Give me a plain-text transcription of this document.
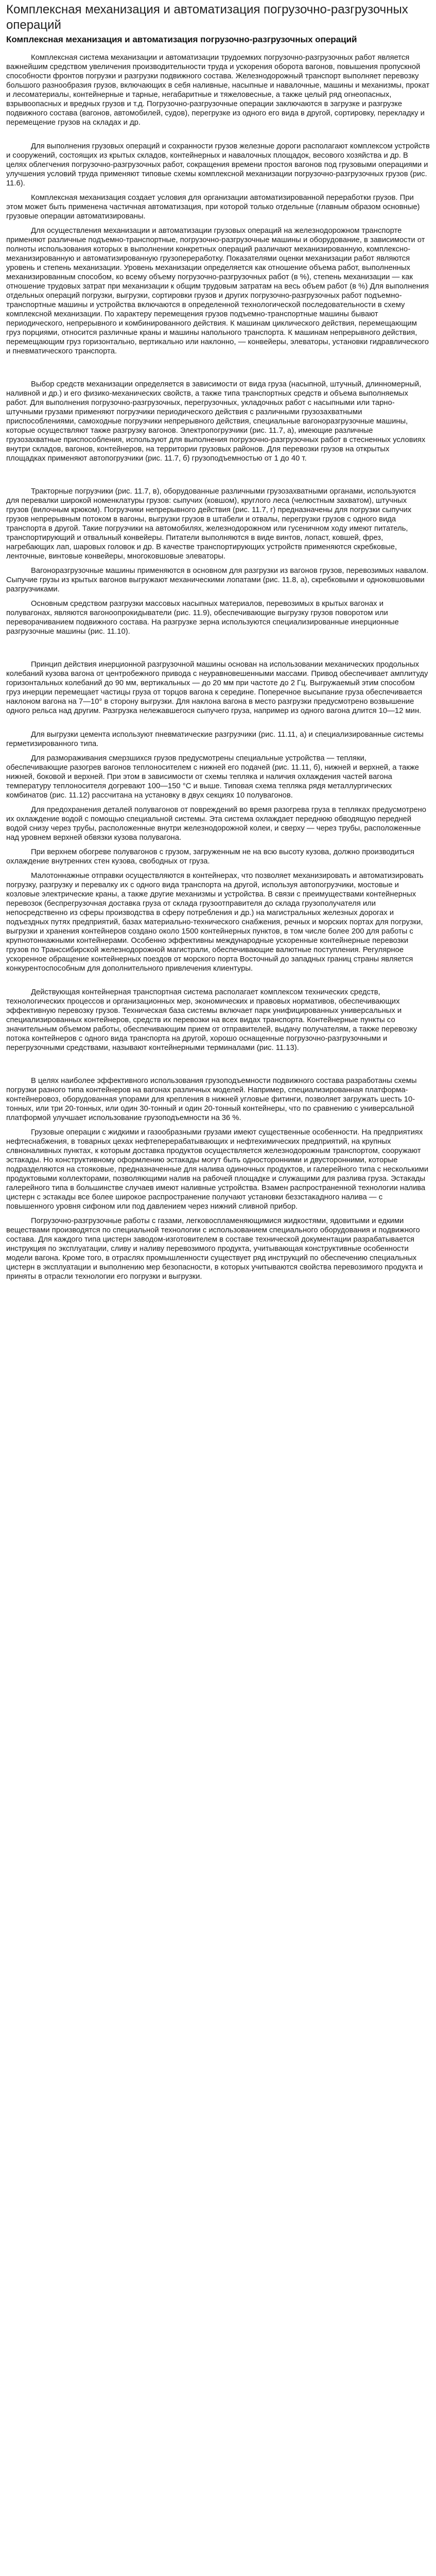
Комплексная механизация и автоматизация погрузочно-разгрузочных операций
Комплексная механизация и автоматизация погрузочно-разгрузочных операций

Комплексная система механизации и автоматизации трудоемких погрузочно-разгрузочных работ является важнейшим средством увеличения производительности труда и ускорения оборота вагонов, повышения пропускной способности фронтов погрузки и разгрузки подвижного состава. Железнодорожный транспорт выполняет перевозку большого разнообразия грузов, включающих в себя наливные, насыпные и навалочные, машины и механизмы, прокат и лесоматериалы, контейнерные и тарные, негабаритные и тяжеловесные, а также целый ряд огнеопасных, взрывоопасных и вредных грузов и т.д. Погрузочно-разгрузочные операции заключаются в загрузке и разгрузке подвижного состава (вагонов, автомобилей, судов), перегрузке из одного его вида в другой, сортировку, перекладку и перемещение грузов на складах и др.

Для выполнения грузовых операций и сохранности грузов железные дороги располагают комплексом устройств и сооружений, состоящих из крытых складов, контейнерных и навалочных площадок, весового хозяйства и др. В целях облегчения погрузочно-разгрузочных работ, сокращения времени простоя вагонов под грузовыми операциями и улучшения условий труда применяют типовые схемы комплексной механизации погрузочно-разгрузочных грузов (рис. 11.6).

Комплексная механизация создает условия для организации автоматизированной переработки грузов. При этом может быть применена частичная автоматизация, при которой только отдельные (главным образом основные) грузовые операции автоматизированы.

Для осуществления механизации и автоматизации грузовых операций на железнодорожном транспорте применяют различные подъемно-транспортные, погрузочно-разгрузочные машины и оборудование, в зависимости от полноты использования которых в выполнении конкретных операций различают механизированную, комплексно-механизированную и автоматизированную грузопереработку. Показателями оценки механизации работ являются уровень и степень механизации. Уровень механизации определяется как отношение объема работ, выполненных механизированным способом, ко всему объему погрузочно-разгрузочных работ (в %), степень механизации — как отношение трудовых затрат при механизации к общим трудовым затратам на весь объем работ (в %) Для выполнения отдельных операций погрузки, выгрузки, сортировки грузов и других погрузочно-разгрузочных работ подъемно-транспортные машины и устройства включаются в определенной технологической последовательности в схему комплексной механизации. По характеру перемещения грузов подъемно-транспортные машины бывают периодического, непрерывного и комбинированного действия. К машинам циклического действия, перемещающим груз порциями, относится различные краны и машины напольного транспорта. К машинам непрерывного действия, перемещающим груз горизонтально, вертикально или наклонно, — конвейеры, элеваторы, установки гидравлического и пневматического транспорта.

Выбор средств механизации определяется в зависимости от вида груза (насыпной, штучный, длинномерный, наливной и др.) и его физико-механических свойств, а также типа транспортных средств и объема выполняемых работ. Для выполнения погрузочно-разгрузочных, перегрузочных, укладочных работ с насыпными или тарно-штучными грузами применяют погрузчики периодического действия с различными грузозахватными приспособлениями, самоходные погрузчики непрерывного действия, специальные вагоноразгрузочные машины, которые осуществляют также разгрузку вагонов. Электропогрузчики (рис. 11.7, а), имеющие различные грузозахватные приспособления, используют для выполнения погрузочно-разгрузочных работ в стесненных условиях внутри складов, вагонов, контейнеров, на территории грузовых районов. Для перевозки грузов на открытых площадках применяют автопогрузчики (рис. 11.7, б) грузоподъемностью от 1 до 40 т.

Тракторные погрузчики (рис. 11.7, в), оборудованные различными грузозахватными органами, используются для перевалки широкой номенклатуры грузов: сыпучих (ковшом), круглого леса (челюстным захватом), штучных грузов (вилочным крюком). Погрузчики непрерывного действия (рис. 11.7, г) предназначены для погрузки сыпучих грузов непрерывным потоком в вагоны, выгрузки грузов в штабели и отвалы, перегрузки грузов с одного вида транспорта в другой. Такие погрузчики на автомобилях, железнодорожном или гусеничном ходу имеют питатель, транспортирующий и отвальный конвейеры. Питатели выполняются в виде винтов, лопаст, ковшей, фрез, нагребающих лап, шаровых головок и др. В качестве транспортирующих устройств применяются скребковые, ленточные, винтовые конвейеры, многоковшовые элеваторы.

Вагоноразгрузочные машины применяются в основном для разгрузки из вагонов грузов, перевозимых навалом. Сыпучие грузы из крытых вагонов выгружают механическими лопатами (рис. 11.8, а), скребковыми и одноковшовыми разгрузчиками.

Основным средством разгрузки массовых насыпных материалов, перевозимых в крытых вагонах и полувагонах, являются вагоноопрокидыватели (рис. 11.9), обеспечивающие выгрузку грузов поворотом или переворачиванием подвижного состава. На разгрузке зерна используются специализированные инерционные разгрузочные машины (рис. 11.10).

Принцип действия инерционной разгрузочной машины основан на использовании механических продольных колебаний кузова вагона от центробежного привода с неуравновешенными массами. Привод обеспечивает амплитуду горизонтальных колебаний до 90 мм, вертикальных — до 20 мм при частоте до 2 Гц. Выгружаемый этим способом груз инерции перемещает частицы груза от торцов вагона к середине. Поперечное высыпание груза обеспечивается наклоном вагона на 7—10° в сторону выгрузки. Для наклона вагона в место разгрузки предусмотрено возвышение одного рельса над другим. Разгрузка нележавшегося сыпучего груза, например из одного вагона длится 10—12 мин.

Для выгрузки цемента используют пневматические разгрузчики (рис. 11.11, а) и специализированные системы герметизированного типа.

Для размораживания смерзшихся грузов предусмотрены специальные устройства — тепляки, обеспечивающие разогрев вагонов теплоносителем с нижней его подачей (рис. 11.11, б), нижней и верхней, а также нижней, боковой и верхней. При этом в зависимости от схемы тепляка и наличия охлаждения частей вагона температуру теплоносителя догревают 100—150 °С и выше. Типовая схема тепляка рядя металлургических комбинатов (рис. 11.12) рассчитана на установку в двух секциях 10 полувагонов.

Для предохранения деталей полувагонов от повреждений во время разогрева груза в тепляках предусмотрено их охлаждение водой с помощью специальной системы. Эта система охлаждает переднюю обводящую передней водой снизу через трубы, расположенные внутри железнодорожной колеи, и сверху — через трубы, расположенные над уровнем верхней обвязки кузова полувагона.

При верхнем обогреве полувагонов с грузом, загруженным не на всю высоту кузова, должно производиться охлаждение внутренних стен кузова, свободных от груза.

Малотоннажные отправки осуществляются в контейнерах, что позволяет механизировать и автоматизировать погрузку, разгрузку и перевалку их с одного вида транспорта на другой, используя автопогрузчики, мостовые и козловые электрические краны, а также другие механизмы и устройства. В связи с преимуществами контейнерных перевозок (беспрегрузочная доставка груза от склада грузоотправителя до склада грузополучателя или непосредственно из сферы производства в сферу потребления и др.) на магистральных железных дорогах и подъездных путях предприятий, базах материально-технического снабжения, речных и морских портах для погрузки, выгрузки и хранения контейнеров создано около 1500 контейнерных пунктов, в том числе более 200 для работы с крупнотоннажными контейнерами. Особенно эффективны международные ускоренные контейнерные перевозки грузов по Транссибирской железнодорожной магистрали, обеспечивающие валютные поступления. Регулярное ускоренное обращение контейнерных поездов от морского порта Восточный до западных границ страны является конкурентоспособным для дополнительного привлечения клиентуры.

Действующая контейнерная транспортная система располагает комплексом технических средств, технологических процессов и организационных мер, экономических и правовых нормативов, обеспечивающих эффективную перевозку грузов. Техническая база системы включает парк унифицированных универсальных и специализированных контейнеров, средств их перевозки на всех видах транспорта. Контейнерные пункты со значительным объемом работы, обеспечивающим прием от отправителей, выдачу получателям, а также перевозку потока контейнеров с одного вида транспорта на другой, хорошо оснащенные погрузочно-разгрузочными и перегрузочными средствами, называют контейнерными терминалами (рис. 11.13).

В целях наиболее эффективного использования грузоподъемности подвижного состава разработаны схемы погрузки разного типа контейнеров на вагонах различных моделей. Например, специализированная платформа-контейнеровоз, оборудованная упорами для крепления в нижней угловые фитинги, позволяет загружать шесть 10-тонных, или три 20-тонных, или один 30-тонный и один 20-тонный контейнеры, что по сравнению с универсальной платформой улучшает использование грузоподъемности на 36 %.

Грузовые операции с жидкими и газообразными грузами имеют существенные особенности. На предприятиях нефтеснабжения, в товарных цехах нефтеперерабатывающих и нефтехимических предприятий, на крупных слвноналивных пунктах, к которым доставка продуктов осуществляется железнодорожным транспортом, сооружают эстакады. Но конструктивному оформлению эстакады могут быть односторонними и двусторонними, которые подразделяются на стояковые, предназначенные для налива одиночных продуктов, и галерейного типа с несколькими продуктовыми коллекторами, позволяющими налив на рабочей площадке и служащими для разлива груза. Эстакады галерейного типа в большинстве случаев имеют наливные устройства. Взамен распространенной технологии налива цистерн с эстакады все более широкое распространение получают установки беззстакадного налива — с повышенного уровня сифоном или под давлением через нижний сливной прибор.

Погрузочно-разгрузочные работы с газами, легковоспламеняющимися жидкостями, ядовитыми и едкими веществами производятся по специальной технологии с использованием специального оборудования и подвижного состава. Для каждого типа цистерн заводом-изготовителем в составе технической документации разрабатывается инструкция по эксплуатации, сливу и наливу перевозимого продукта, учитывающая конструктивные особенности модели вагона. Кроме того, в отраслях промышленности существует ряд инструкций по обеспечению специальных цистерн в эксплуатации и выполнению мер безопасности, в которых учитываются свойства перевозимого продукта и приняты в отрасли технологии его погрузки и выгрузки.
